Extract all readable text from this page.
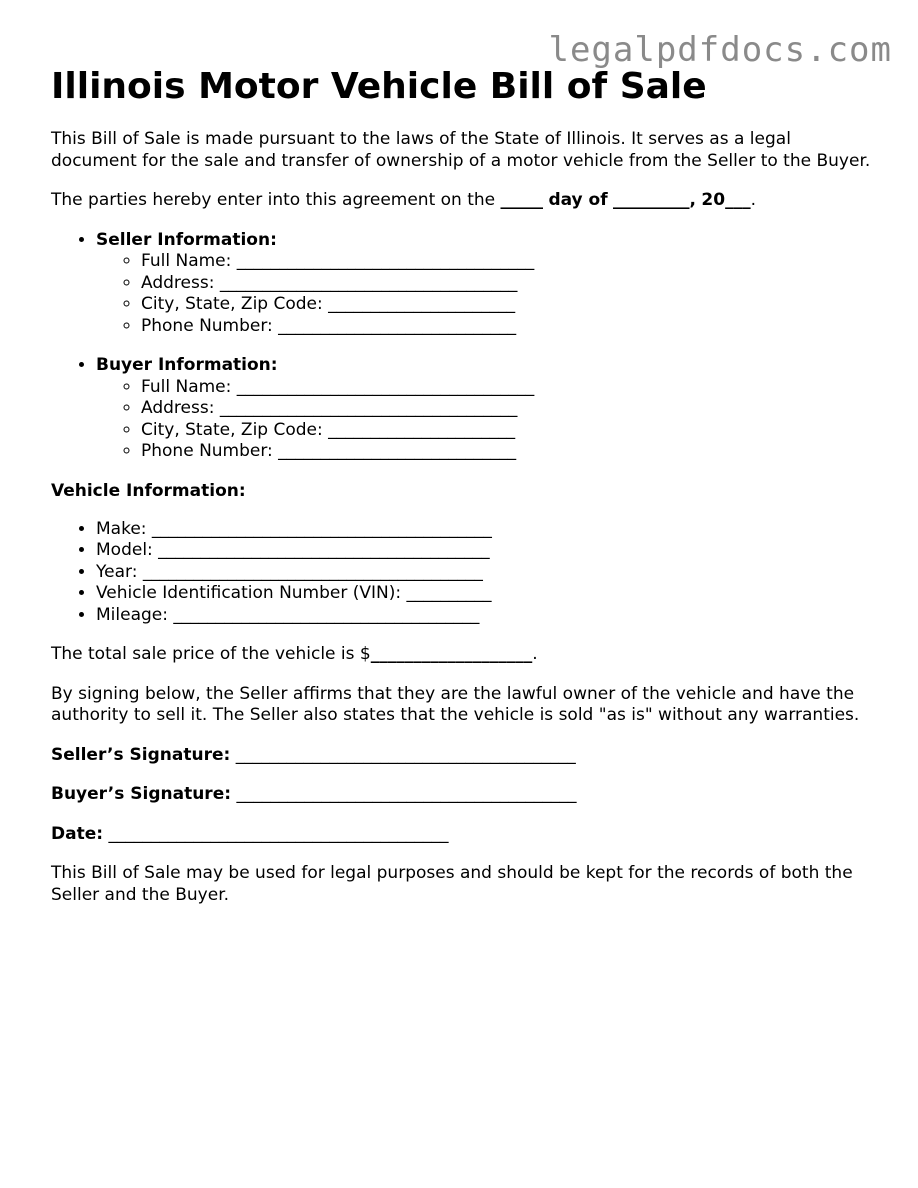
legalpdfdocs.com
Illinois Motor Vehicle Bill of Sale

This Bill of Sale is made pursuant to the laws of the State of Illinois. It serves as a legal document for the sale and transfer of ownership of a motor vehicle from the Seller to the Buyer.

The parties hereby enter into this agreement on the _____ day of _________, 20___.

• Seller Information:
◦ Full Name: ___________________________________
◦ Address: ___________________________________
◦ City, State, Zip Code: ______________________
◦ Phone Number: ____________________________
• Buyer Information:
◦ Full Name: ___________________________________
◦ Address: ___________________________________
◦ City, State, Zip Code: ______________________
◦ Phone Number: ____________________________
Vehicle Information:
• Make: ________________________________________
• Model: _______________________________________
• Year: ________________________________________
• Vehicle Identification Number (VIN): __________
• Mileage: ____________________________________

The total sale price of the vehicle is $___________________.

By signing below, the Seller affirms that they are the lawful owner of the vehicle and have the authority to sell it. The Seller also states that the vehicle is sold "as is" without any warranties.

Seller’s Signature: ________________________________________

Buyer’s Signature: ________________________________________

Date: ________________________________________

This Bill of Sale may be used for legal purposes and should be kept for the records of both the Seller and the Buyer.
